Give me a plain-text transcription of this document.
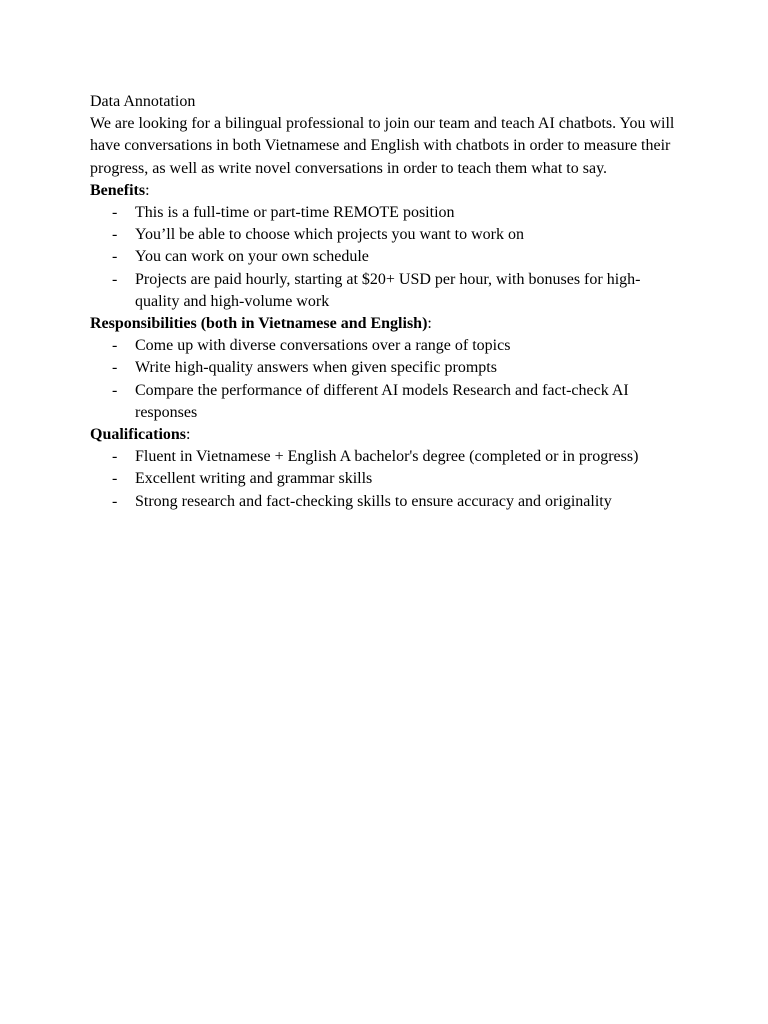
Data Annotation

We are looking for a bilingual professional to join our team and teach AI chatbots. You will have conversations in both Vietnamese and English with chatbots in order to measure their progress, as well as write novel conversations in order to teach them what to say.

Benefits:

- This is a full-time or part-time REMOTE position
- You’ll be able to choose which projects you want to work on
- You can work on your own schedule
- Projects are paid hourly, starting at $20+ USD per hour, with bonuses for high-quality and high-volume work

Responsibilities (both in Vietnamese and English):

- Come up with diverse conversations over a range of topics
- Write high-quality answers when given specific prompts
- Compare the performance of different AI models Research and fact-check AI responses

Qualifications:

- Fluent in Vietnamese + English A bachelor's degree (completed or in progress)
- Excellent writing and grammar skills
- Strong research and fact-checking skills to ensure accuracy and originality
